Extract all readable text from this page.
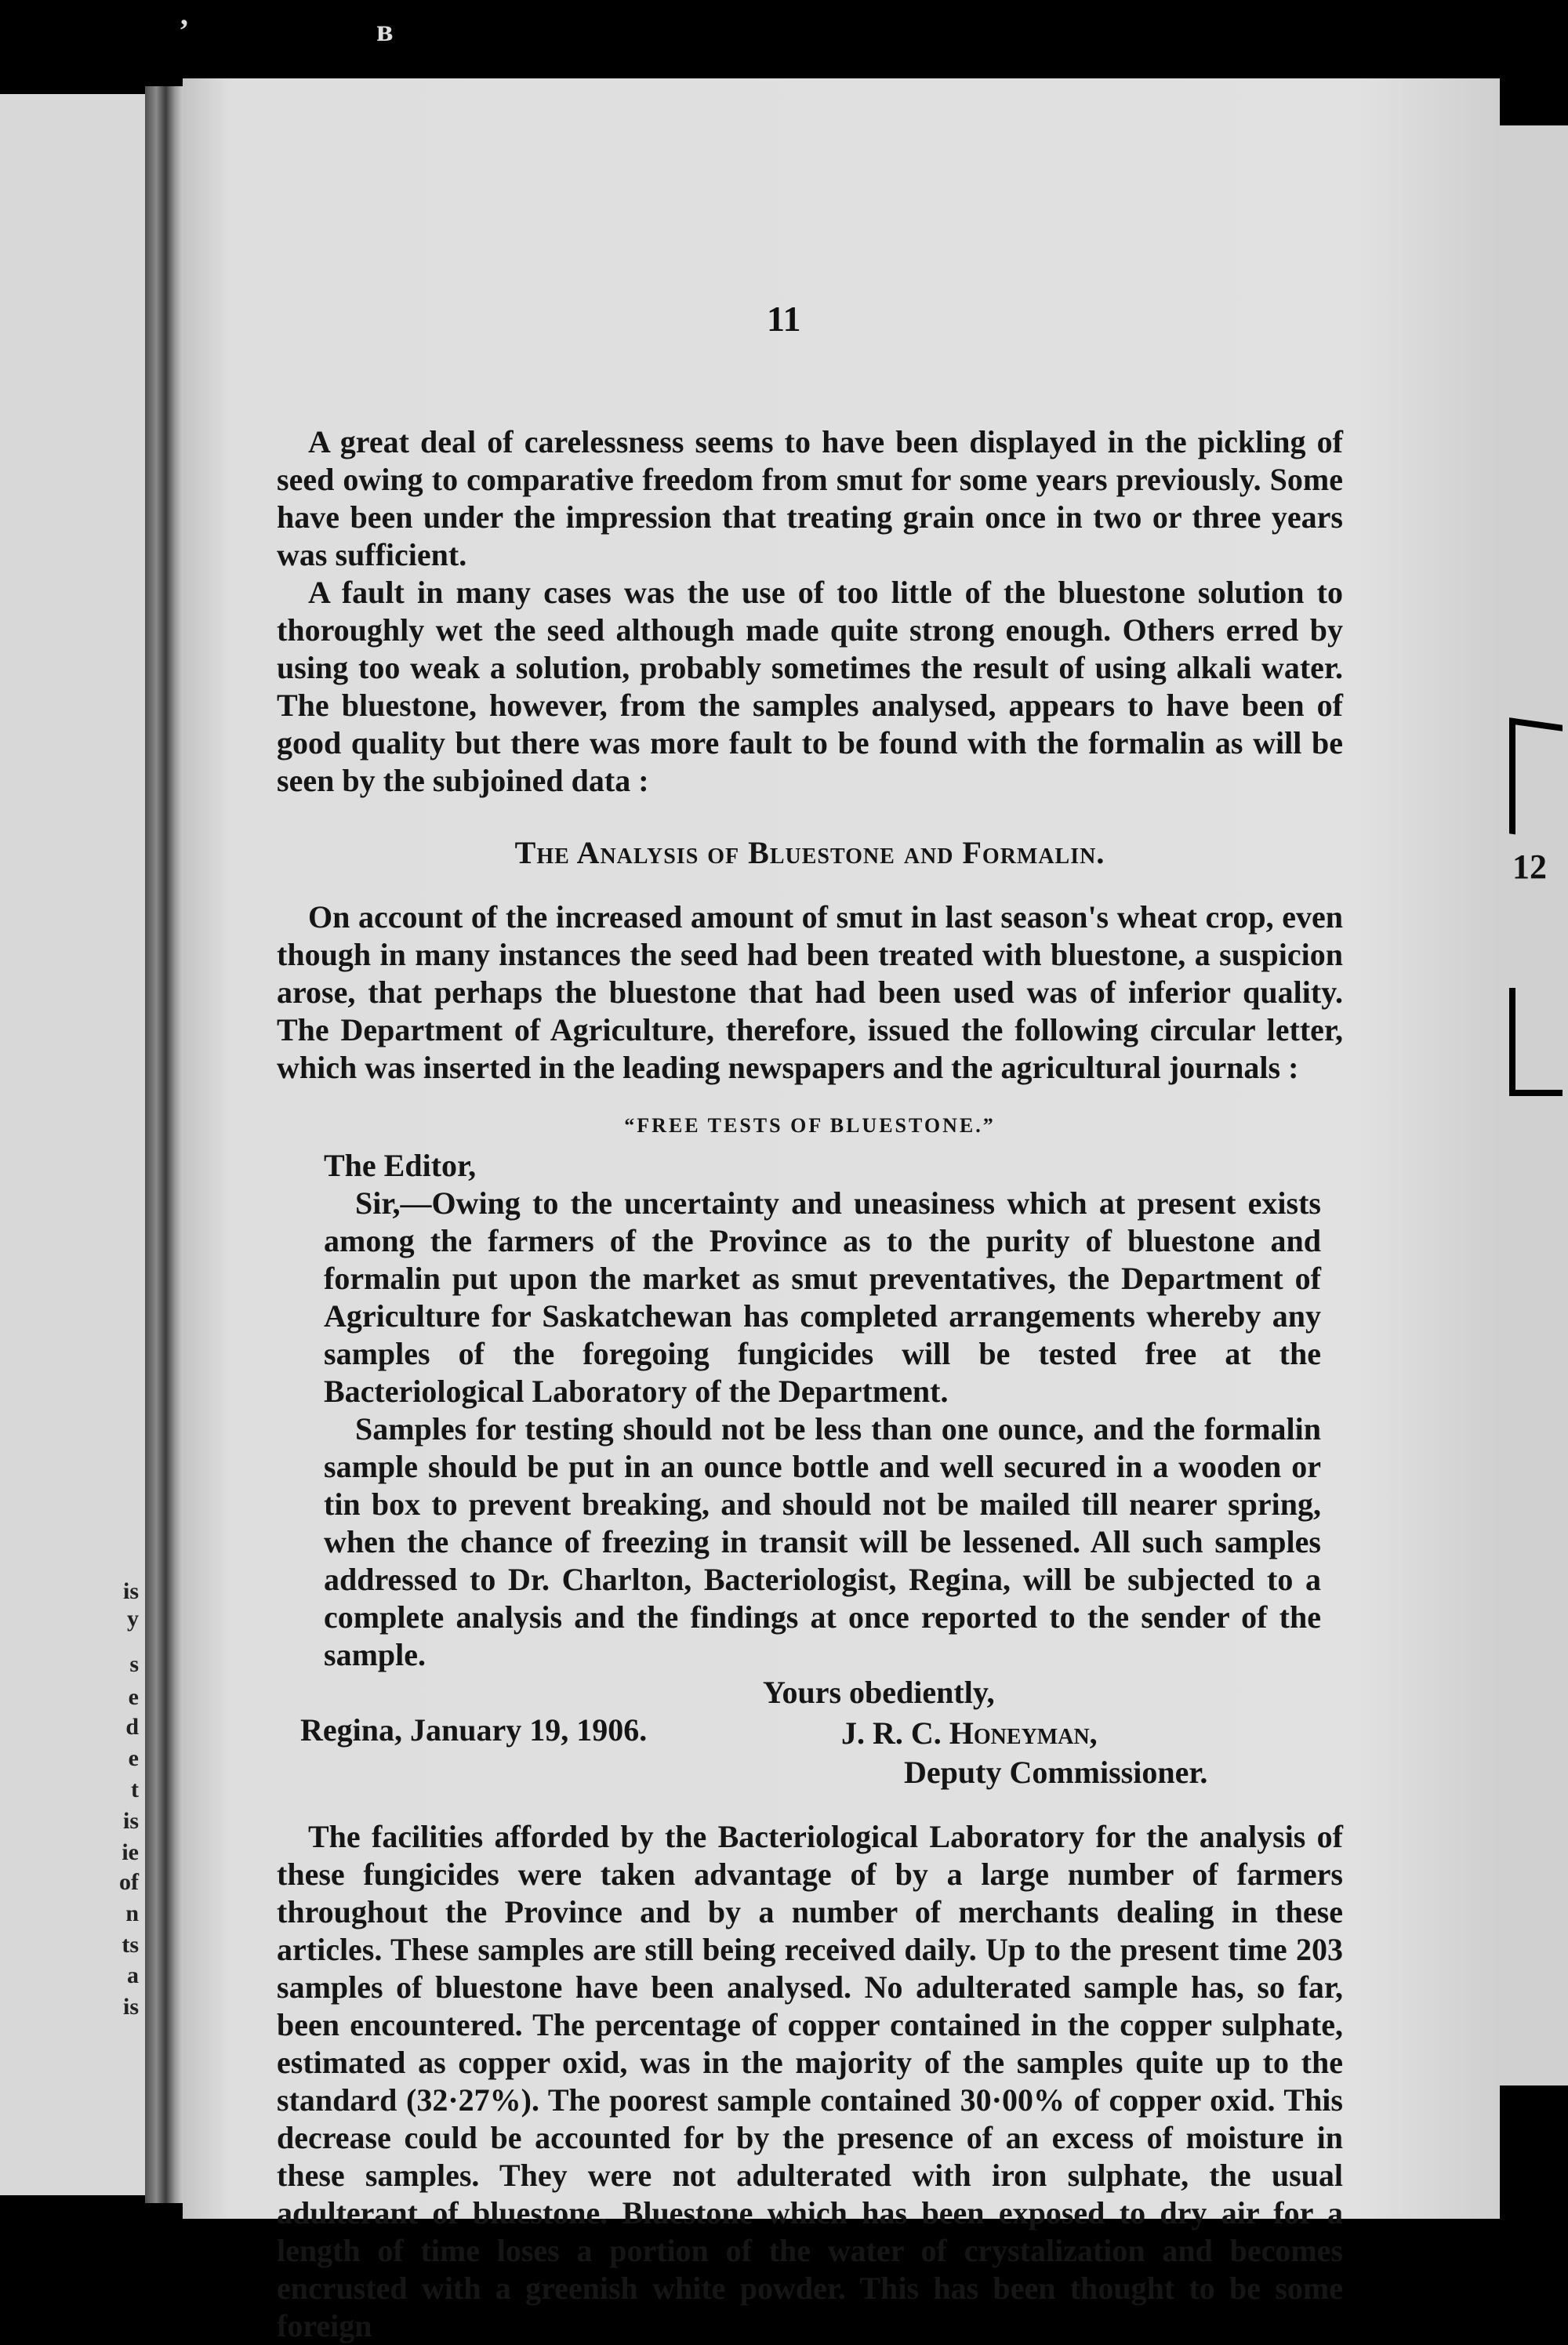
is
y
s
e
d
e
t
is
ie
of
n
ts
a
is
’	ʙ
12
11

A great deal of carelessness seems to have been displayed in the pickling of seed owing to comparative freedom from smut for some years previously. Some have been under the impression that treating grain once in two or three years was sufficient.

A fault in many cases was the use of too little of the bluestone solution to thoroughly wet the seed although made quite strong enough. Others erred by using too weak a solution, probably sometimes the result of using alkali water. The bluestone, however, from the samples analysed, appears to have been of good quality but there was more fault to be found with the formalin as will be seen by the subjoined data :

The Analysis of Bluestone and Formalin.

On account of the increased amount of smut in last season's wheat crop, even though in many instances the seed had been treated with bluestone, a suspicion arose, that perhaps the bluestone that had been used was of inferior quality. The Department of Agriculture, therefore, issued the following circular letter, which was inserted in the leading newspapers and the agricultural journals :

“FREE TESTS OF BLUESTONE.”
The Editor,

Sir,—Owing to the uncertainty and uneasiness which at present exists among the farmers of the Province as to the purity of bluestone and formalin put upon the market as smut preventatives, the Department of Agriculture for Saskatchewan has completed arrangements whereby any samples of the foregoing fungicides will be tested free at the Bacteriological Laboratory of the Department.

Samples for testing should not be less than one ounce, and the formalin sample should be put in an ounce bottle and well secured in a wooden or tin box to prevent breaking, and should not be mailed till nearer spring, when the chance of freezing in transit will be lessened. All such samples addressed to Dr. Charlton, Bacteriologist, Regina, will be subjected to a complete analysis and the findings at once reported to the sender of the sample.

Yours obediently,
Regina, January 19, 1906.	J. R. C. Honeyman,
Deputy Commissioner.

The facilities afforded by the Bacteriological Laboratory for the analysis of these fungicides were taken advantage of by a large number of farmers throughout the Province and by a number of merchants dealing in these articles. These samples are still being received daily. Up to the present time 203 samples of bluestone have been analysed. No adulterated sample has, so far, been encountered. The percentage of copper contained in the copper sulphate, estimated as copper oxid, was in the majority of the samples quite up to the standard (32·27%). The poorest sample contained 30·00% of copper oxid. This decrease could be accounted for by the presence of an excess of moisture in these samples. They were not adulterated with iron sulphate, the usual adulterant of bluestone. Bluestone which has been exposed to dry air for a length of time loses a portion of the water of crystalization and becomes encrusted with a greenish white powder. This has been thought to be some foreign
